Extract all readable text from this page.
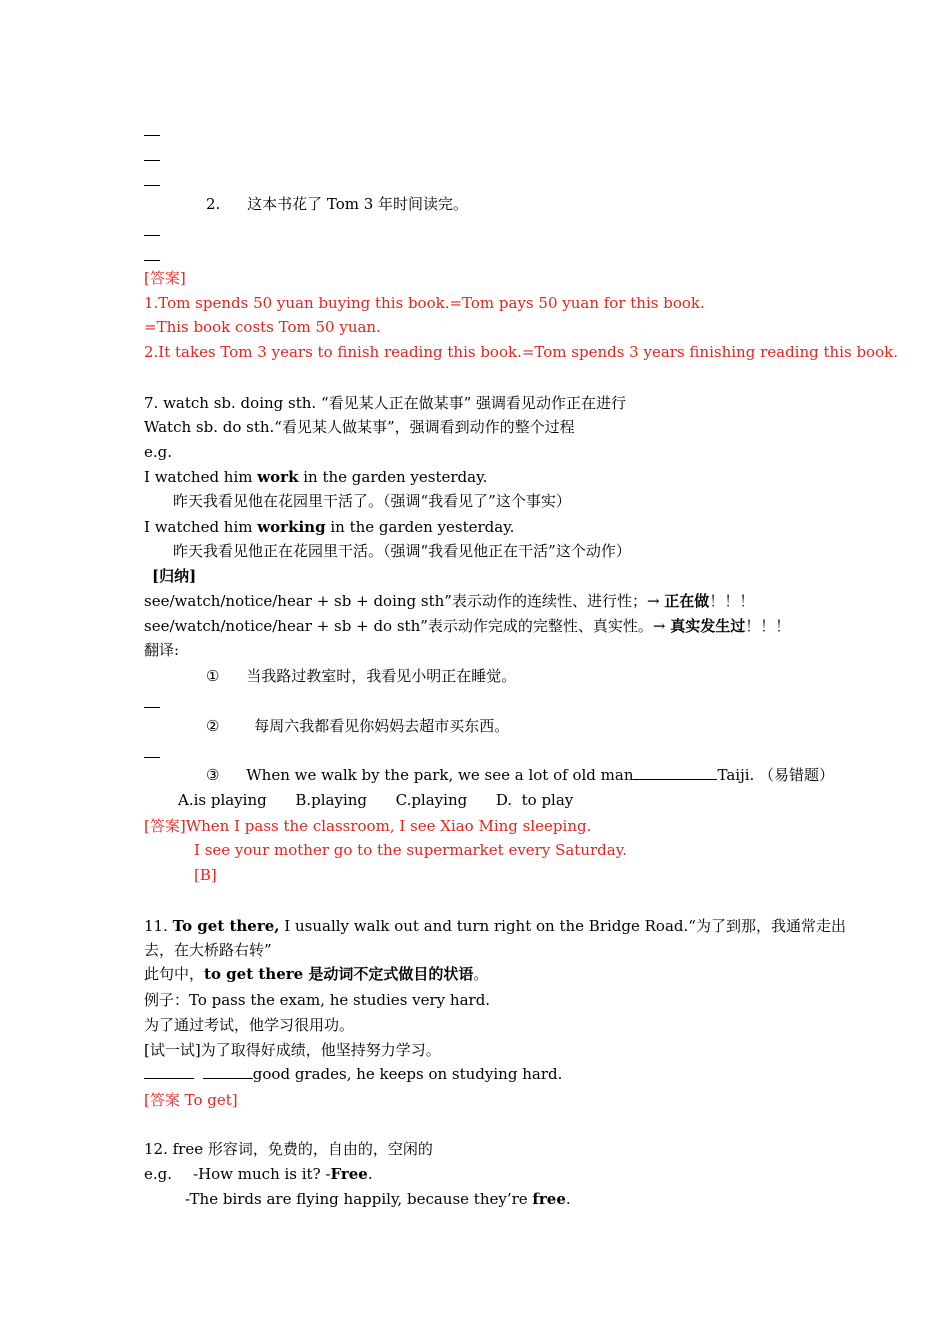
2. 这本书花了 Tom 3 年时间读完。
[答案]
1.Tom spends 50 yuan buying this book.=Tom pays 50 yuan for this book.
=This book costs Tom 50 yuan.
2.It takes Tom 3 years to finish reading this book.=Tom spends 3 years finishing reading this book.
7. watch sb. doing sth. “看见某人正在做某事” 强调看见动作正在进行
Watch sb. do sth.“看见某人做某事”，强调看到动作的整个过程
e.g.
I watched him work in the garden yesterday.
昨天我看见他在花园里干活了。（强调“我看见了”这个事实）
I watched him working in the garden yesterday.
昨天我看见他正在花园里干活。（强调“我看见他正在干活”这个动作）
[归纳]
see/watch/notice/hear + sb + doing sth”表示动作的连续性、进行性；→ 正在做！！！
see/watch/notice/hear + sb + do sth”表示动作完成的完整性、真实性。→ 真实发生过！！！
翻译:
① 当我路过教室时，我看见小明正在睡觉。
② 每周六我都看见你妈妈去超市买东西。
③ When we walk by the park, we see a lot of old man	Taiji. （易错题）
A.is playing      B.playing      C.playing      D.  to play
[答案]When I pass the classroom, I see Xiao Ming sleeping.
I see your mother go to the supermarket every Saturday.
[B]
11. To get there, I usually walk out and turn right on the Bridge Road.“为了到那，我通常走出
去，在大桥路右转”
此句中，to get there 是动词不定式做目的状语。
例子：To pass the exam, he studies very hard.
为了通过考试，他学习很用功。
[试一试]为了取得好成绩，他坚持努力学习。
good grades, he keeps on studying hard.
[答案 To get]
12. free 形容词，免费的，自由的，空闲的
e.g. -How much is it? -Free.
-The birds are flying happily, because they’re free.
